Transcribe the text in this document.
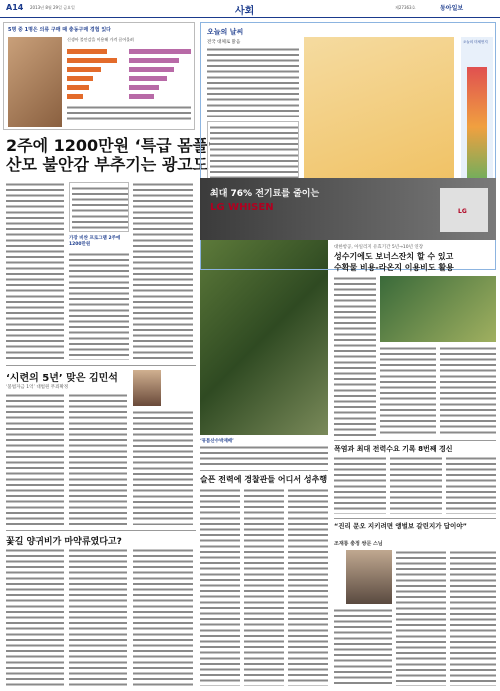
A14 2013년 8월 29일 금요일	사회	제27363호	동아일보
5명 중 1명은 의류 구매 때 충동구매 경험 있다
신생아 불안감을 이용해 가격 끌어올려
2주에 1200만원 ‘특급 몸풀이’
산모 불안감 부추기는 광고도
가장 비싼 프로그램 2주에 1200만원
‘시련의 5년’ 맞은 김민석
‘불법자금 1억’ 대법원 무죄확정
꽃길 양귀비가 마약류였다고?
‘뮤틈산수박재배’
슬픈 전력에 경찰관들 어디서 성추행
오늘의 날씨
전국 대체로 맑음	오늘의 미세먼지
최대 76% 전기료를 줄이는
LG WHISEN	LG
대한항공, 아일리지 유효기간 5년→10년 연장
성수기에도 보너스잔치 할 수 있고
수확물 비용-라온지 이용비도 활용
폭염과 최대 전력수요 기록 8번째 경신
“진리 문오 지키려면 앵벌보 갈린지가 답이야”
조재룡 충정 쌍문 스님
